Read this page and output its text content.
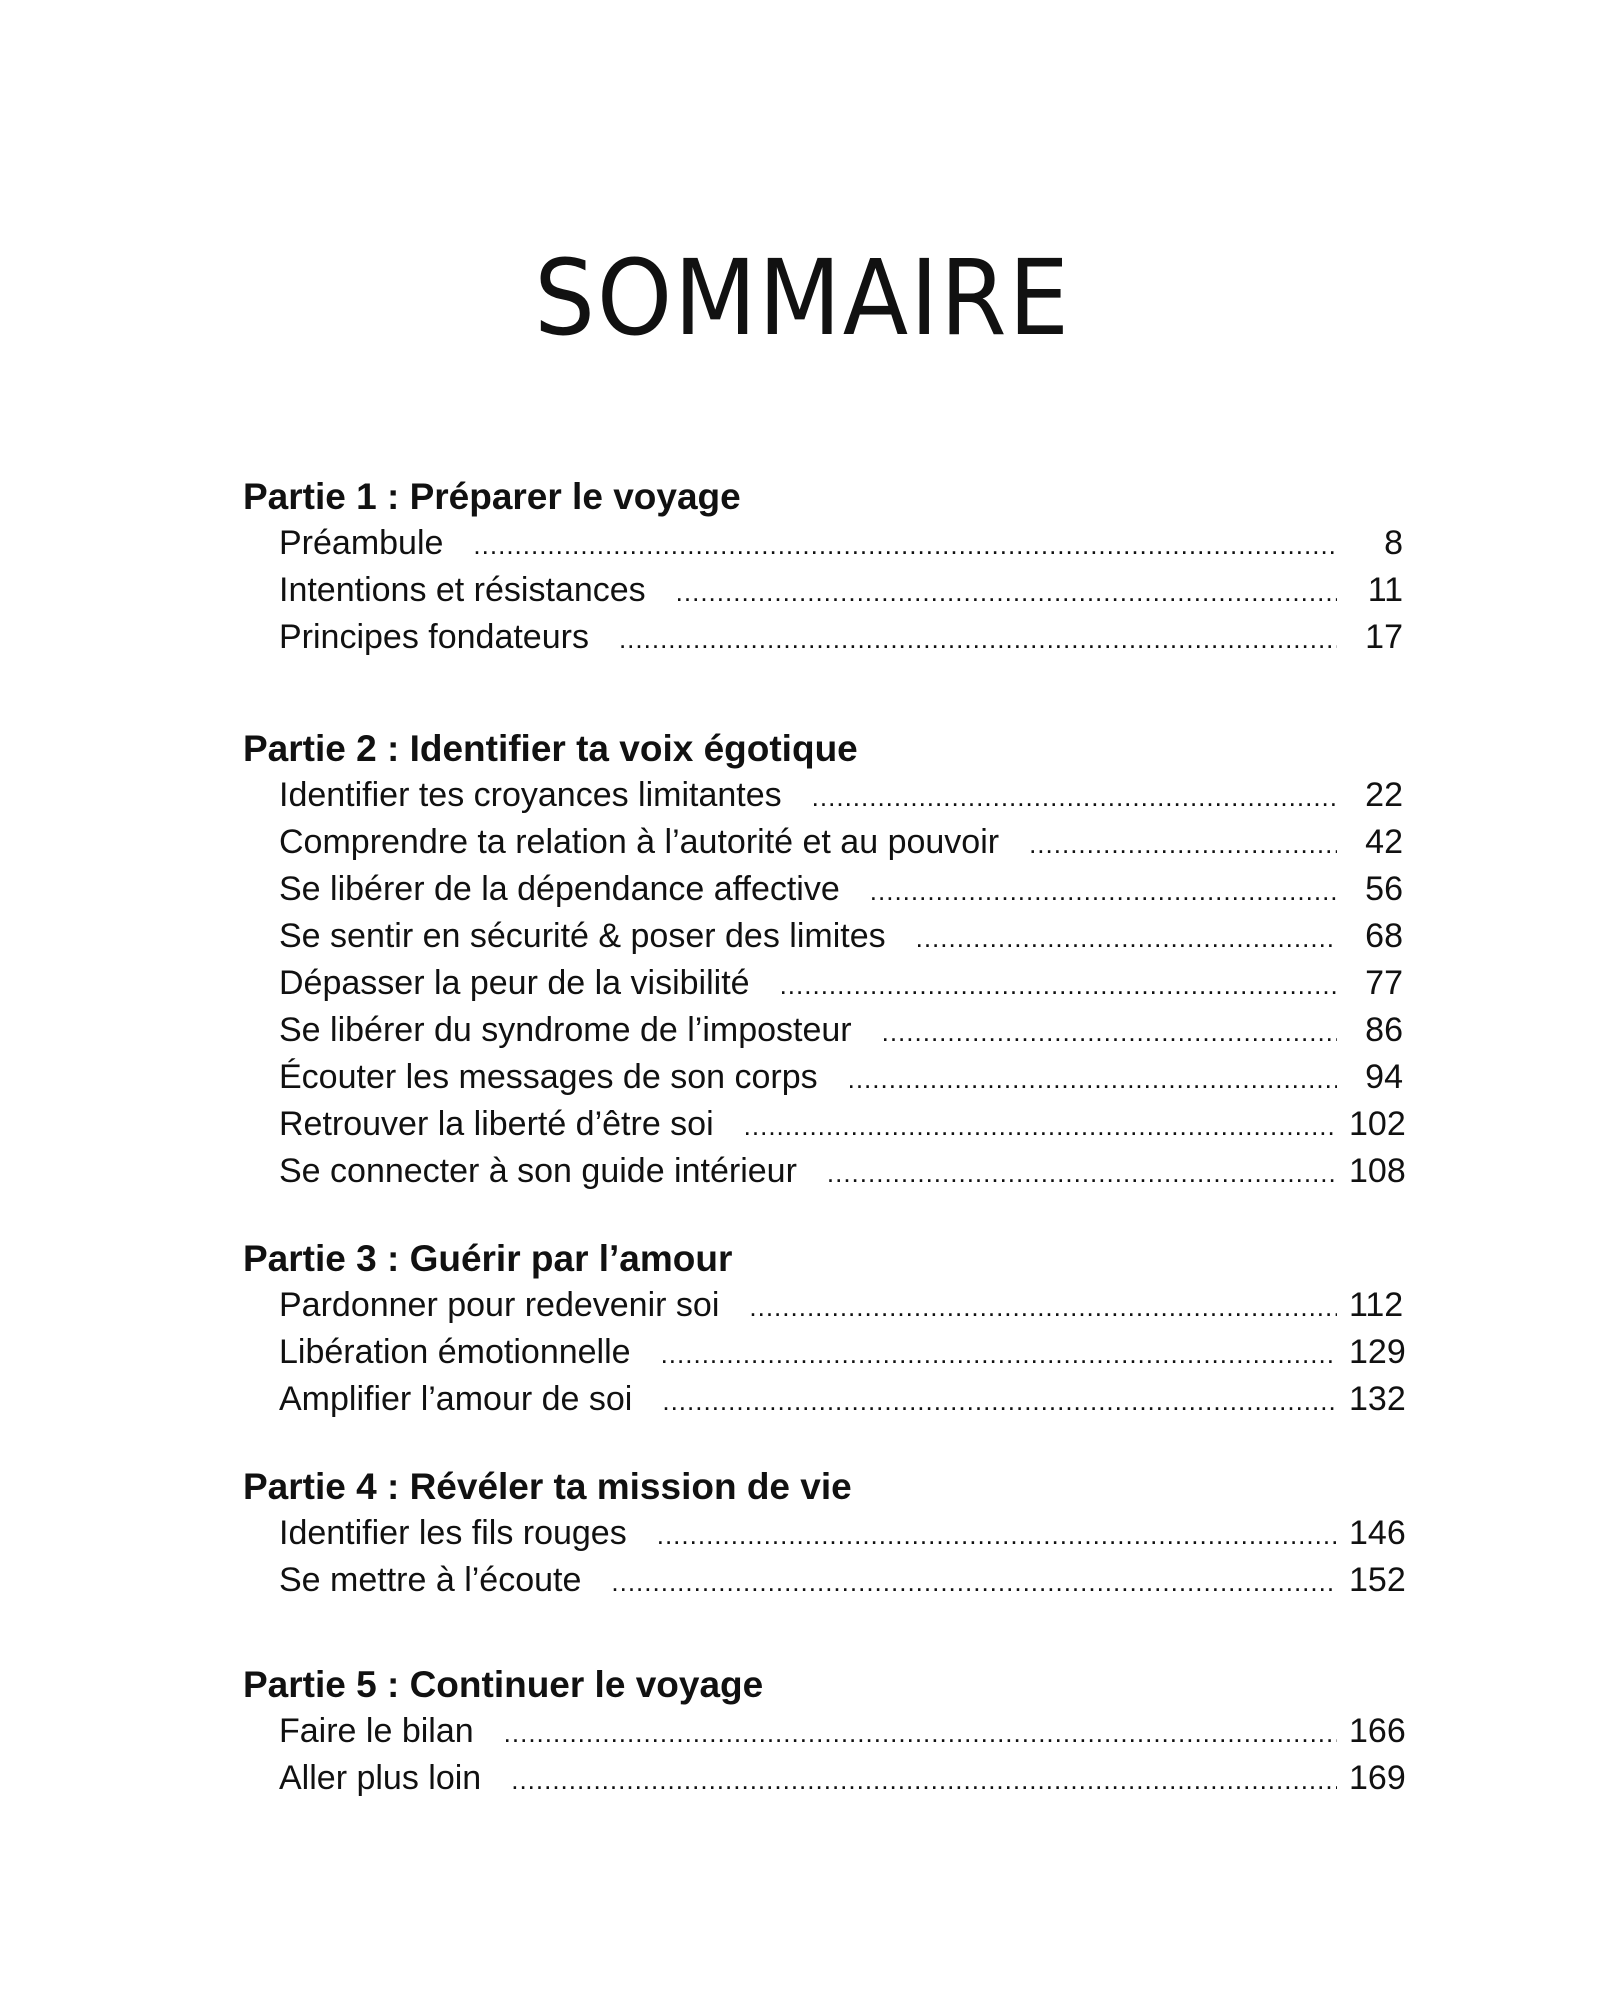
SOMMAIRE
Partie 1 : Préparer le voyage
Préambule .....	8
Intentions et résistances .....	11
Principes fondateurs .....	17
Partie 2 : Identifier ta voix égotique
Identifier tes croyances limitantes .....	22
Comprendre ta relation à l’autorité et au pouvoir .....	42
Se libérer de la dépendance affective .....	56
Se sentir en sécurité & poser des limites .....	68
Dépasser la peur de la visibilité .....	77
Se libérer du syndrome de l’imposteur .....	86
Écouter les messages de son corps .....	94
Retrouver la liberté d’être soi .....	102
Se connecter à son guide intérieur .....	108
Partie 3 : Guérir par l’amour
Pardonner pour redevenir soi .....	112
Libération émotionnelle .....	129
Amplifier l’amour de soi .....	132
Partie 4 : Révéler ta mission de vie
Identifier les fils rouges .....	146
Se mettre à l’écoute .....	152
Partie 5 : Continuer le voyage
Faire le bilan .....	166
Aller plus loin .....	169
